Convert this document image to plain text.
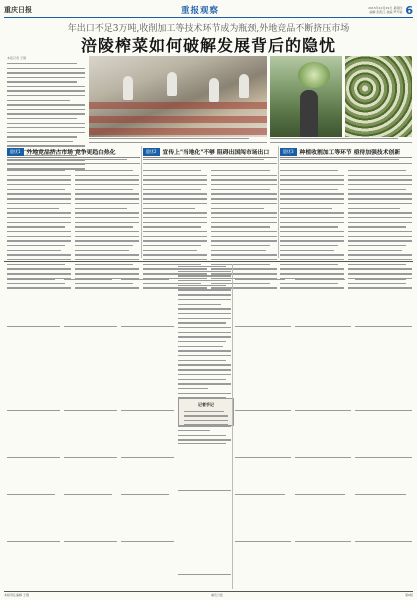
重庆日报	重报观察	2015年10月29日 星期四
编辑 张阳江 美编 罗开斌 6
年出口不足3万吨,收削加工等技术环节成为瓶颈,外地竞品不断挤压市场
涪陵榨菜如何破解发展背后的隐忧
本报记者 王翔
隐忧1	外地竞品挤占市场 竞争更趋白热化	隐忧2	宣传上"当地化"不够 阻碍出国闯市场出口	隐忧3	种植收割加工等环节 亟待加强技术创新
记者手记
本版责任编辑 王翔	重庆日报	第6版
